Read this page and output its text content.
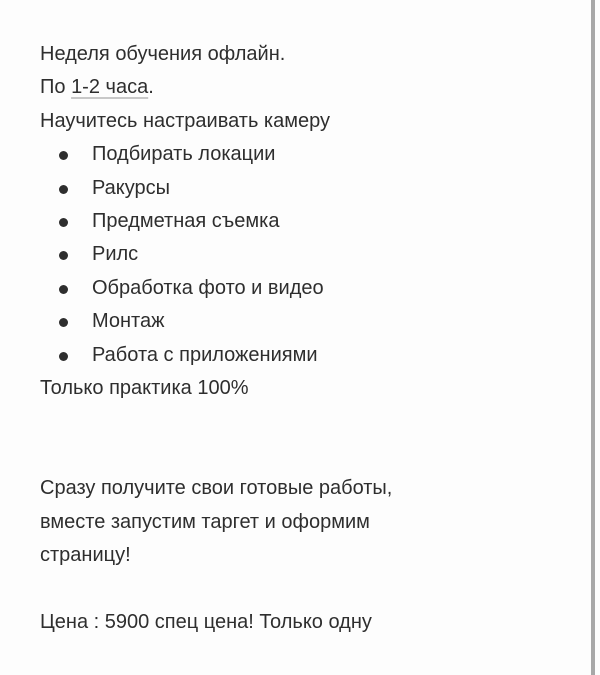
Неделя обучения офлайн.
По 1-2 часа.
Научитесь настраивать камеру
Подбирать локации
Ракурсы
Предметная съемка
Рилс
Обработка фото и видео
Монтаж
Работа с приложениями
Только практика 100%
Сразу получите свои готовые работы,
вместе запустим таргет и оформим
страницу!
Цена : 5900 спец цена! Только одну
